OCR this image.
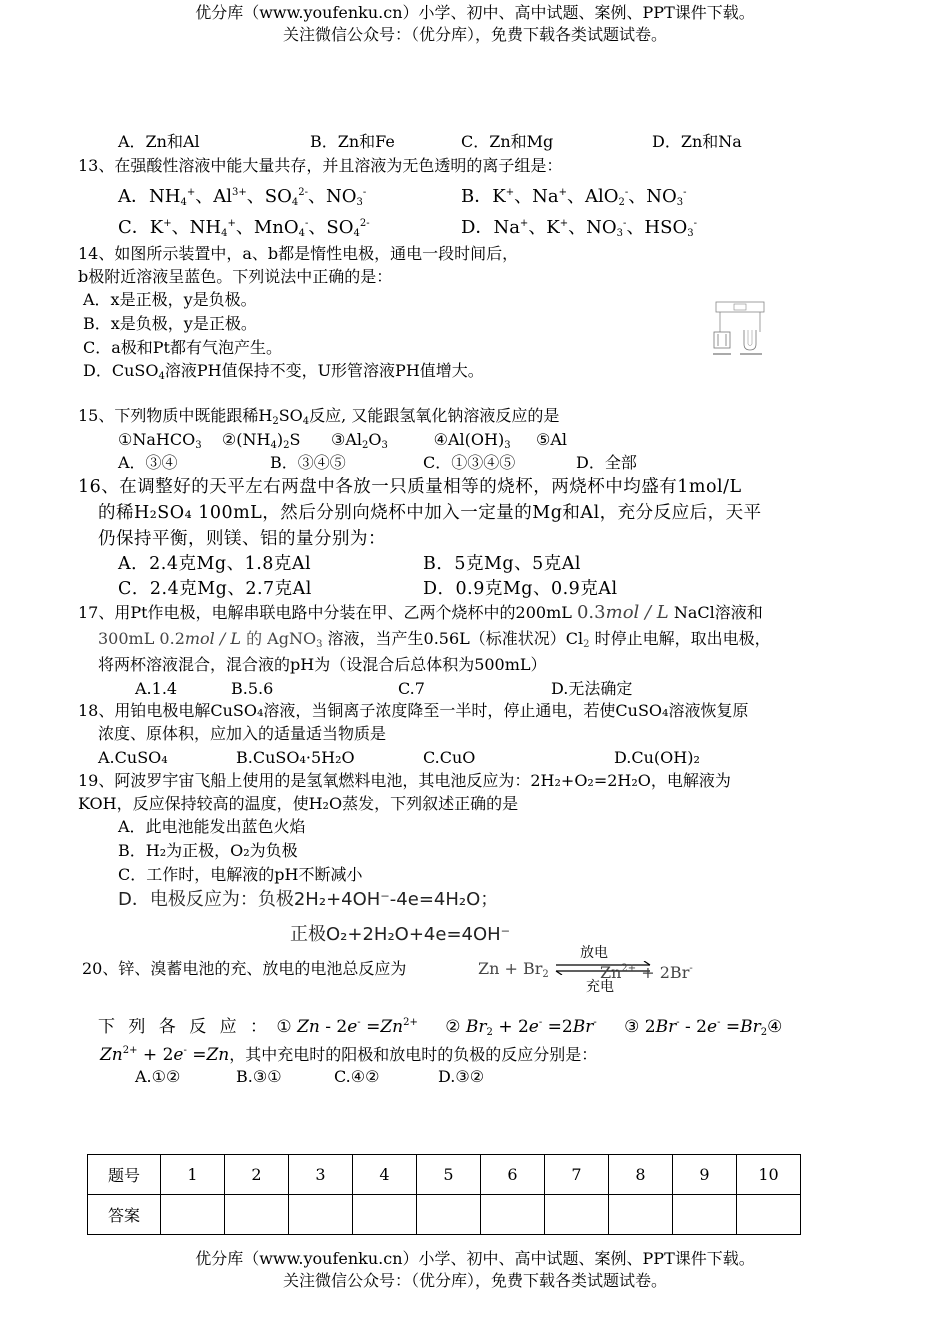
优分库（www.youfenku.cn）小学、初中、高中试题、案例、PPT课件下载。
关注微信公众号：（优分库），免费下载各类试题试卷。
A．Zn和Al	B．Zn和Fe	C．Zn和Mg	D．Zn和Na
13、在强酸性溶液中能大量共存，并且溶液为无色透明的离子组是：
A．$NH_4^+$、$Al^{3+}$、$SO_4^{2-}$、$NO_3^-$	B．K+、Na+、AlO$_2$-、$NO_3^-$
C．K+、$NH_4^+$、MnO$_4$-、$SO_4^{2-}$	D．Na+、K+、$NO_3^-$、$HSO_3^-$
14、如图所示装置中，a、b都是惰性电极，通电一段时间后，
b极附近溶液呈蓝色。下列说法中正确的是：
A．x是正极，y是负极。
B．x是负极，y是正极。
C．a极和Pt都有气泡产生。
D．CuSO$_4$溶液PH值保持不变，U形管溶液PH值增大。
15、下列物质中既能跟稀$H_2SO_4$反应, 又能跟氢氧化钠溶液反应的是
①NaHCO$_3$    $②(NH_4)_2S$      $③Al_2O_3$         $④Al(OH)_3$     ⑤Al
A．③④	B．③④⑤	C．①③④⑤	D．全部
16、在调整好的天平左右两盘中各放一只质量相等的烧杯，两烧杯中均盛有1mol/L
的稀H₂SO₄ 100mL，然后分别向烧杯中加入一定量的Mg和Al，充分反应后，天平
仍保持平衡，则镁、铝的量分别为：
A．2.4克Mg、1.8克Al	B．5克Mg、5克Al
C．2.4克Mg、2.7克Al	D．0.9克Mg、0.9克Al
17、用Pt作电极，电解串联电路中分装在甲、乙两个烧杯中的200mL 0.3mol / L NaCl溶液和
300mL 0.2mol / L 的 AgNO$_3$ 溶液，当产生0.56L（标准状况）$Cl_2$ 时停止电解，取出电极，
将两杯溶液混合，混合液的pH为（设混合后总体积为500mL）
A.1.4	B.5.6	C.7	D.无法确定
18、用铂电极电解CuSO₄溶液，当铜离子浓度降至一半时，停止通电，若使CuSO₄溶液恢复原
浓度、原体积，应加入的适量适当物质是
A.CuSO₄	B.CuSO₄·5H₂O	C.CuO	D.Cu(OH)₂
19、阿波罗宇宙飞船上使用的是氢氧燃料电池，其电池反应为：2H₂+O₂=2H₂O，电解液为
KOH，反应保持较高的温度，使H₂O蒸发，下列叙述正确的是
A．此电池能发出蓝色火焰
B．H₂为正极，O₂为负极
C．工作时，电解液的pH不断减小
D．电极反应为：负极2H₂+4OH⁻-4e=4H₂O；
正极O₂+2H₂O+4e=4OH⁻
20、锌、溴蓄电池的充、放电的电池总反应为	$Zn + Br_2$
放电
充电
$Zn^{2+} + 2Br^-$
下 列 各 反 应 ： ① $Zn - 2e^- =Zn^{2+}$ ② $Br_2 + 2e^- =2Br^-$ ③ $2Br^- - 2e^- =Br_2④$
$Zn^{2+} + 2e^- =Zn$，其中充电时的阳极和放电时的负极的反应分别是：
A.①②	B.③①	C.④②	D.③②
题号	1	2	3	4	5	6	7	8	9	10
答案										
优分库（www.youfenku.cn）小学、初中、高中试题、案例、PPT课件下载。
关注微信公众号：（优分库），免费下载各类试题试卷。
